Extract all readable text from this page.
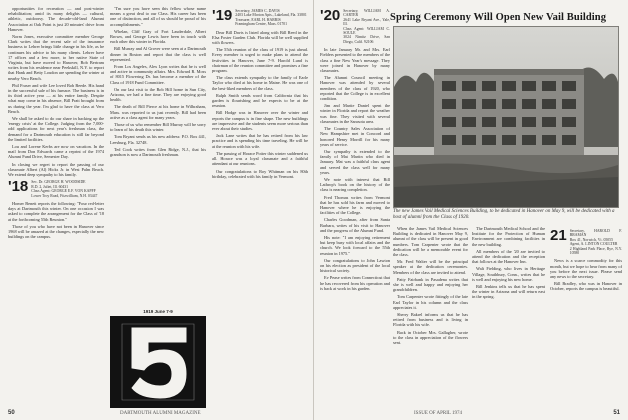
opportunities for recreation — and post-winter rehabilitation; amid its many delights — cultural, athletic, outdoorsy. The decade-old-land Alumni Association at Oak Point is just 20 minutes' drive from Hanover.

Norm Jones, executive committee member George Clark writes that the recent sale of the insurance business to Lehrer brings little change in his life, as he continues his advice to his many clients. Lehrer have 17 offices and a few more, to her native State of Virginia, but have moved to Hanover, Bob Bertram writes from his residence near Peekskill, N.Y. to report that Hank and Betty Loudon are spending the winter at nearby Vero Beach.

Phil Fraser and wife Lee loved Bob Beede. His hand in the successful sale of his furnace. The business is in its third active year — at his entire family. Despite what may come in his absence, Bill Pratt brought from us during the year. I'm glad to have the class at Vero Beach.

We shall be asked to do our share in backing up the 'energy crisis' at the College. Judging from the 7,000-odd applications for next year's freshman class, the demand for a Dartmouth education is still far beyond the limited facilities.

Lou and Lorene Kerbs are now on vacation. In the mail from Don Edwards came a reprint of the 1974 Alumni Fund Drive, Semester Day.

In closing we regret to report the passing of our classmate Albert (Al) Hicks Jr. in West Palm Beach. We extend deep sympathy to his family.

'18 Sec. Dr. GEORGE H. WOODSIDE
R.D. 2, Juliet, Ill. 60431
Class Agent: GEORGE E.F. VON KAPFF
Lower Troy Road, Fitzwilliam, N.H. 03447

Homer Benett reports the following: "Four red-letter days at Dartmouth this winter. On one occasion I was asked to complete the arrangement for the Class of '18 at the forthcoming 55th Reunion."

Those of you who have not been in Hanover since 1968 will be amazed at the changes, especially the new buildings on the campus.

"I'm sure you have seen this fellow whose name means a great deal to our Class. His career has been one of distinction, and all of us should be proud of his accomplishments."

Whelan, Cliff Gray of Fort Lauderdale, Albert Brown, and George Lewis have been in touch with each other this winter in Florida.

Bill Murray and Al Grover were seen at a Dartmouth dinner in Boston and report that the class is well represented.

From Los Angeles, Alex Lyon writes that he is well and active in community affairs. Mrs. Edward R. Moss of 8015 Flowering Dr. has become a member of the Class of 1918 Fund Committee.

On our last visit to the Bob Hill home in Sun City, Arizona, we had a fine time. They are enjoying good health.

The death of Bill Pierce at his home in Wilbraham, Mass. was reported to us just recently. Bill had been active as a class agent for many years.

Those of us who remember Bill Murray will be sorry to learn of his death this winter.

Tom Bryant sends us his new address: P.O. Box 441, Leesburg, Fla. 32748.

Ted Cook writes from Glen Ridge, N.J., that his grandson is now a Dartmouth freshman.

1919 June 7-9
'19 Secretary, JAMES C. DAVIS
2403 Lake Morton Apts., Lakeland, Fla. 33801
Treasurer, EARL H. HARRIS
Framingham Centre, Mass. 01701

Dear Bill Davis is listed along with Bill Reed in the Elsa Foster Garden Club. Florida will be well supplied with flowers.

The 55th reunion of the class of 1919 is just ahead. Every member is urged to make plans to attend the festivities in Hanover, June 7-9. Harold Lund is chairman of the reunion committee and promises a fine program.

The class extends sympathy to the family of Earle Taylor who died at his home in Maine. He was one of the best-liked members of the class.

Ralph Smith sends word from California that his garden is flourishing and he expects to be at the reunion.

Bill Hodge was in Hanover over the winter and reports the campus is in fine shape. The new buildings are impressive and the students seem more serious than ever about their studies.

Jack Lane writes that he has retired from his law practice and is spending his time traveling. He will be at the reunion with his wife.

The passing of Horace Potter this winter saddened us all. Horace was a loyal classmate and a faithful attendant at our reunions.

Our congratulations to Roy Whitman on his 80th birthday, celebrated with his family in Vermont.

50	DARTMOUTH ALUMNI MAGAZINE
'20 Secretary, WILLIAM A. CARTER
2641 Lake Bryant Ave., Yale, Ill.
Class Agent: WILLIAM C. SOULE
3024 Nimitz Drive, San Diego, Calif. 92106

In late January Mr. and Mrs. Earl Fielders presented to the members of the class a fine New Year's message. They were joined in Hanover by many classmates.

The Alumni Council meeting in Hanover was attended by several members of the class of 1920, who reported that the College is in excellent condition.

Jim and Martie Daniel spent the winter in Florida and report the weather was fine. They visited with several classmates in the Sarasota area.

The Country Sales Association of New Hampshire met in Concord and honored Henry Morrill for his many years of service.

Our sympathy is extended to the family of Mat Martin who died in January. Mat was a faithful class agent and served the class well for many years.

We note with interest that Bill Lathrop's book on the history of the class is nearing completion.

Fred Thomas writes from Vermont that he has sold his farm and moved to Hanover where he is enjoying the facilities of the College.

Charles Goodman, after from Santa Barbara, writes of his visit to Hanover and the progress of the Alumni Fund.

His note: "I am enjoying retirement but keep busy with local affairs and the church. We look forward to the 55th reunion in 1975."

Our congratulations to John Lawton on his election as president of the local historical society.

Ev Pease writes from Connecticut that he has recovered from his operation and is back at work in his garden.

When the James Vail Medical Sciences Building is dedicated in Hanover May 9, alumni of the class will be present in good numbers. Tom Carpenter wrote that the dedication will be a memorable event for the class.

Mr. Fred Walter will be the principal speaker at the dedication ceremonies. Members of the class are invited to attend.

Patty Fairbank in Pasadena writes that she is well and happy and enjoying her grandchildren.

Tom Carpenter wrote fittingly of the late Earl Taylor in his column and the class appreciates it.

Sherry Bakrel informs us that he has retired from business and is living in Florida with his wife.

Back in October Mrs. Gallagher, wrote to the class in appreciation of the flowers sent.

The Dartmouth Medical School and the Institute for the Protection of Human Environment are combining facilities in the new building.

All members of the '20 are invited to attend the dedication and the reception that follows at the Hanover Inn.

Walt Fielding, who lives in Heritage Village, Southbury, Conn., writes that he is well and enjoying his new home.

Bill Jenkins tells us that he has spent the winter in Arizona and will return east in the spring.

21 Secretary, HAROLD F. BRAMAN
Box 41, Norwich, Vt. 05055
Agent, A. LINTON COULTER
2 Highland Park Place, Rye, N.Y. 10580

News is a scarce commodity for this month, but we hope to hear from many of you before the next issue. Please send any news to the secretary.

Bill Bradley, who was in Hanover in October, reports the campus is beautiful.

51
ISSUE OF APRIL 1974
Spring Ceremony Will Open New Vail Building
The new James Vail Medical Sciences Building, to be dedicated in Hanover on May 9, will be dedicated with a host of alumni from the Class of 1920.
